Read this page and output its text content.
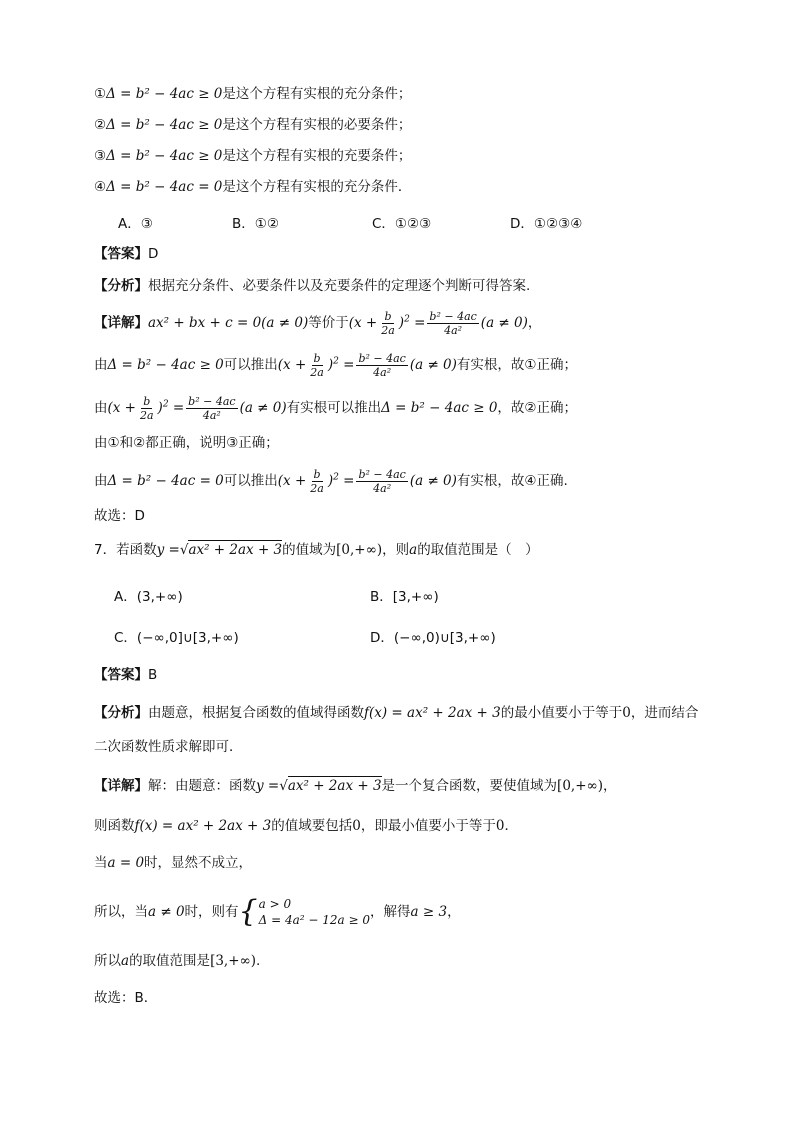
①Δ = b² − 4ac ≥ 0是这个方程有实根的充分条件；
②Δ = b² − 4ac ≥ 0是这个方程有实根的必要条件；
③Δ = b² − 4ac ≥ 0是这个方程有实根的充要条件；
④Δ = b² − 4ac = 0是这个方程有实根的充分条件．
A．③	B．①②	C．①②③	D．①②③④
【答案】D
【分析】根据充分条件、必要条件以及充要条件的定理逐个判断可得答案.
【详解】ax² + bx + c = 0(a ≠ 0)等价于$(x + \frac{b}{2a} )^2 = \frac{\text{b² − 4ac}}{\text{4a²}} (a \ne 0)$，
由Δ = b² − 4ac ≥ 0可以推出$(x + \frac{b}{2a} )^2 = \frac{\text{b² − 4ac}}{\text{4a²}} (a \ne 0)$有实根，故①正确；
由$(x + \frac{b}{2a} )^2 = \frac{\text{b² − 4ac}}{\text{4a²}} (a \ne 0)$有实根可以推出Δ = b² − 4ac ≥ 0，故②正确；
由①和②都正确，说明③正确；
由Δ = b² − 4ac = 0可以推出$(x + \frac{b}{2a} )^2 = \frac{\text{b² − 4ac}}{\text{4a²}} (a \ne 0)$有实根，故④正确.
故选：D
7．若函数y =√ax² + 2ax + 3的值域为[0,+∞)，则a的取值范围是（　）
A．(3,+∞)	B．[3,+∞)
C．(−∞,0]∪[3,+∞)	D．(−∞,0)∪[3,+∞)
【答案】B
【分析】由题意，根据复合函数的值域得函数f(x) = ax² + 2ax + 3的最小值要小于等于0，进而结合
二次函数性质求解即可．
【详解】解：由题意：函数y =√ax² + 2ax + 3是一个复合函数，要使值域为[0,+∞)，
则函数f(x) = ax² + 2ax + 3的值域要包括0，即最小值要小于等于0．
当a = 0时，显然不成立，
所以，当a ≠ 0时，则有 { a > 0
Δ = 4a² − 12a ≥ 0 ，解得a ≥ 3，
所以a的取值范围是[3,+∞).
故选：B．
